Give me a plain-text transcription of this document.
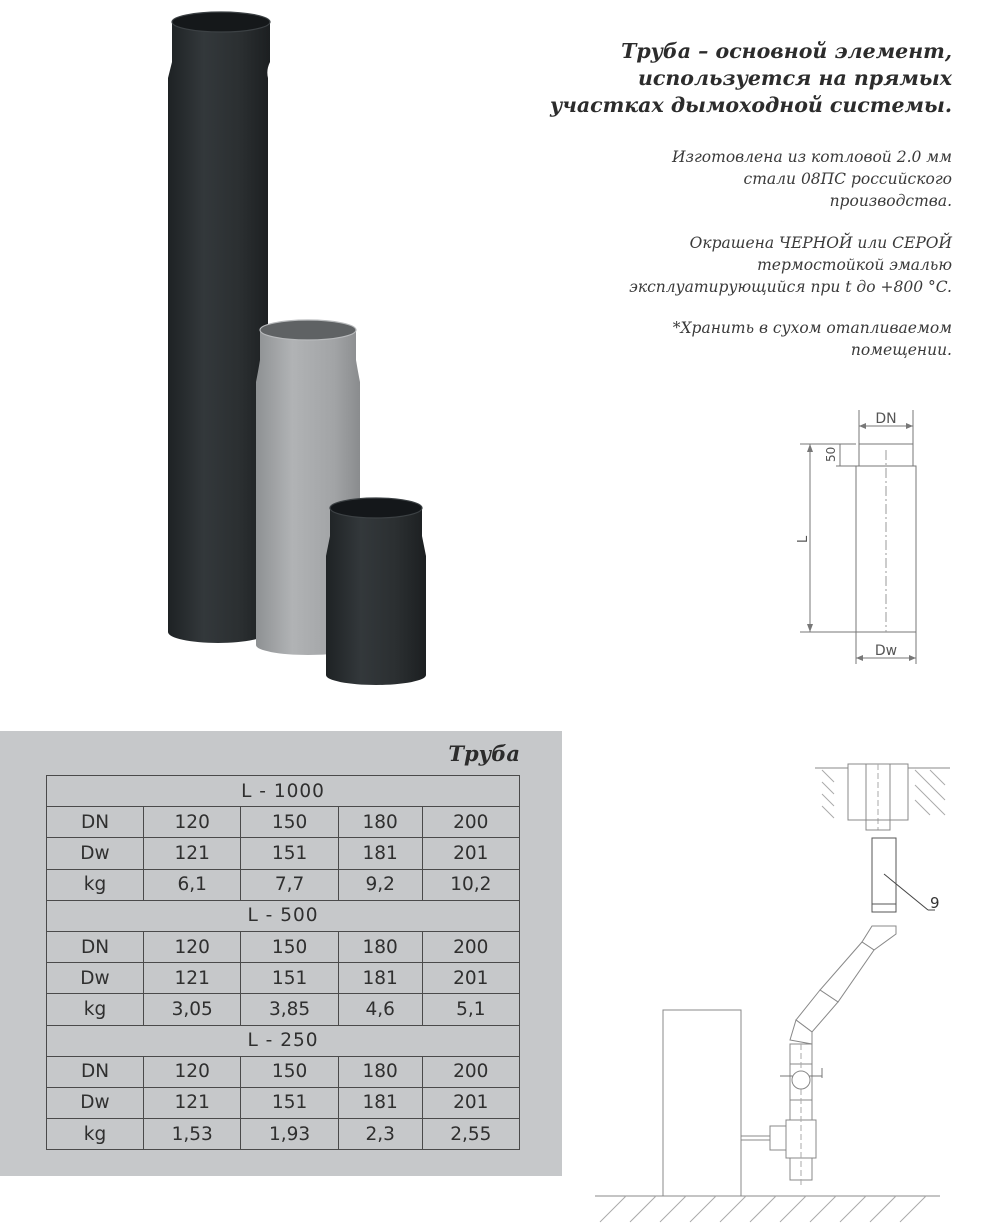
Труба – основной элемент,
используется на прямых
участках дымоходной системы.
Изготовлена из котловой 2.0 мм
стали 08ПС российского
производства.
Окрашена ЧЕРНОЙ или СЕРОЙ
термостойкой эмалью
эксплуатирующийся при t до +800 °C.
*Хранить в сухом отапливаемом
помещении.
DN
50
L
Dw
Труба
L - 1000				
DN	120	150	180	200
Dw	121	151	181	201
kg	6,1	7,7	9,2	10,2
L - 500				
DN	120	150	180	200
Dw	121	151	181	201
kg	3,05	3,85	4,6	5,1
L - 250				
DN	120	150	180	200
Dw	121	151	181	201
kg	1,53	1,93	2,3	2,55
9
